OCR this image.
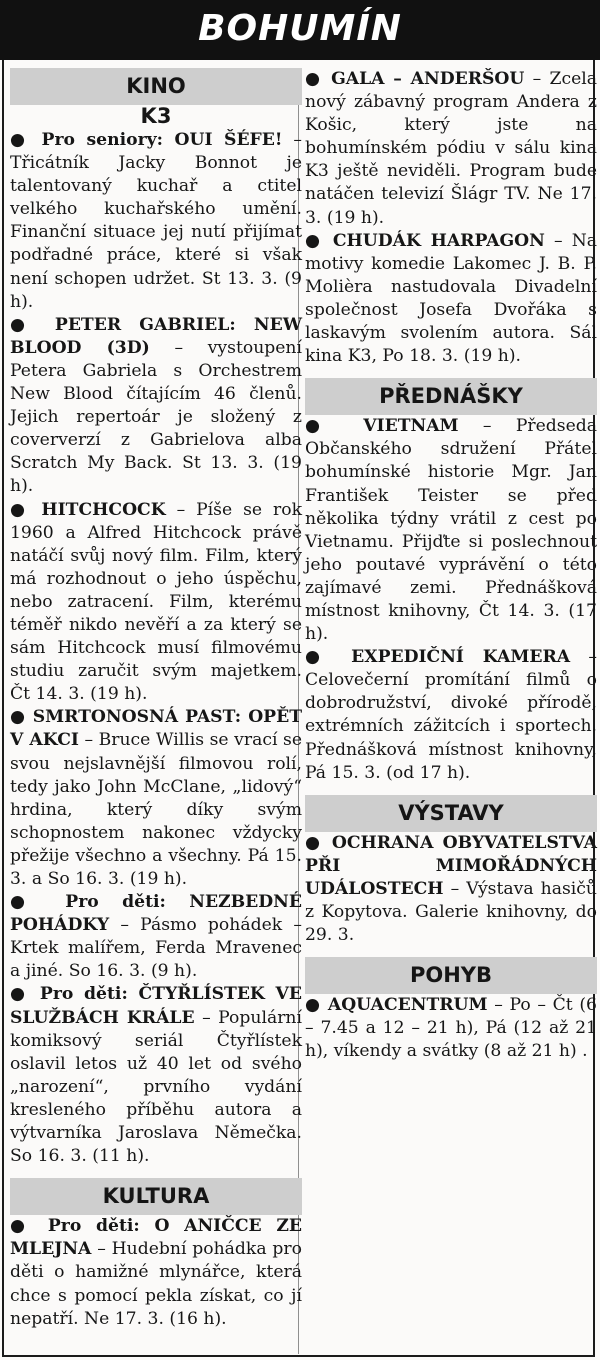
BOHUMÍN
KINO
K3

● Pro seniory: OUI ŠÉFE! – Třicátník Jacky Bonnot je talentovaný kuchař a ctitel velkého kuchařského umění. Finanční situace jej nutí přijímat podřadné práce, které si však není schopen udržet. St 13. 3. (9 h).

● PETER GABRIEL: NEW BLOOD (3D) – vystoupení Petera Gabriela s Orchestrem New Blood čítajícím 46 členů. Jejich repertoár je složený z coververzí z Gabrielova alba Scratch My Back. St 13. 3. (19 h).

● HITCHCOCK – Píše se rok 1960 a Alfred Hitchcock právě natáčí svůj nový film. Film, který má rozhodnout o jeho úspěchu, nebo zatracení. Film, kterému téměř nikdo nevěří a za který se sám Hitchcock musí filmovému studiu zaručit svým majetkem. Čt 14. 3. (19 h).

● SMRTONOSNÁ PAST: OPĚT V AKCI – Bruce Willis se vrací se svou nejslavnější filmovou rolí, tedy jako John McClane, „lidový“ hrdina, který díky svým schopnostem nakonec vždycky přežije všechno a všechny. Pá 15. 3. a So 16. 3. (19 h).

● Pro děti: NEZBEDNÉ POHÁDKY – Pásmo pohádek – Krtek malířem, Ferda Mravenec a jiné. So 16. 3. (9 h).

● Pro děti: ČTYŘLÍSTEK VE SLUŽBÁCH KRÁLE – Populární komiksový seriál Čtyřlístek oslavil letos už 40 let od svého „narození“, prvního vydání kresleného příběhu autora a výtvarníka Jaroslava Němečka. So 16. 3. (11 h).

KULTURA

● Pro děti: O ANIČCE ZE MLEJNA – Hudební pohádka pro děti o hamižné mlynářce, která chce s pomocí pekla získat, co jí nepatří. Ne 17. 3. (16 h).

● GALA – ANDERŠOU – Zcela nový zábavný program Andera z Košic, který jste na bohumínském pódiu v sálu kina K3 ještě neviděli. Program bude natáčen televizí Šlágr TV. Ne 17. 3. (19 h).

● CHUDÁK HARPAGON – Na motivy komedie Lakomec J. B. P. Molièra nastudovala Divadelní společnost Josefa Dvořáka s laskavým svolením autora. Sál kina K3, Po 18. 3. (19 h).

PŘEDNÁŠKY

● VIETNAM – Předseda Občanského sdružení Přátel bohumínské historie Mgr. Jan František Teister se před několika týdny vrátil z cest po Vietnamu. Přijďte si poslechnout jeho poutavé vyprávění o této zajímavé zemi. Přednášková místnost knihovny, Čt 14. 3. (17 h).

● EXPEDIČNÍ KAMERA – Celovečerní promítání filmů o dobrodružství, divoké přírodě, extrémních zážitcích i sportech. Přednášková místnost knihovny, Pá 15. 3. (od 17 h).

VÝSTAVY

● OCHRANA OBYVATELSTVA PŘI MIMOŘÁDNÝCH UDÁLOSTECH – Výstava hasičů z Kopytova. Galerie knihovny, do 29. 3.

POHYB

● AQUACENTRUM – Po – Čt (6 – 7.45 a 12 – 21 h), Pá (12 až 21 h), víkendy a svátky (8 až 21 h) .
